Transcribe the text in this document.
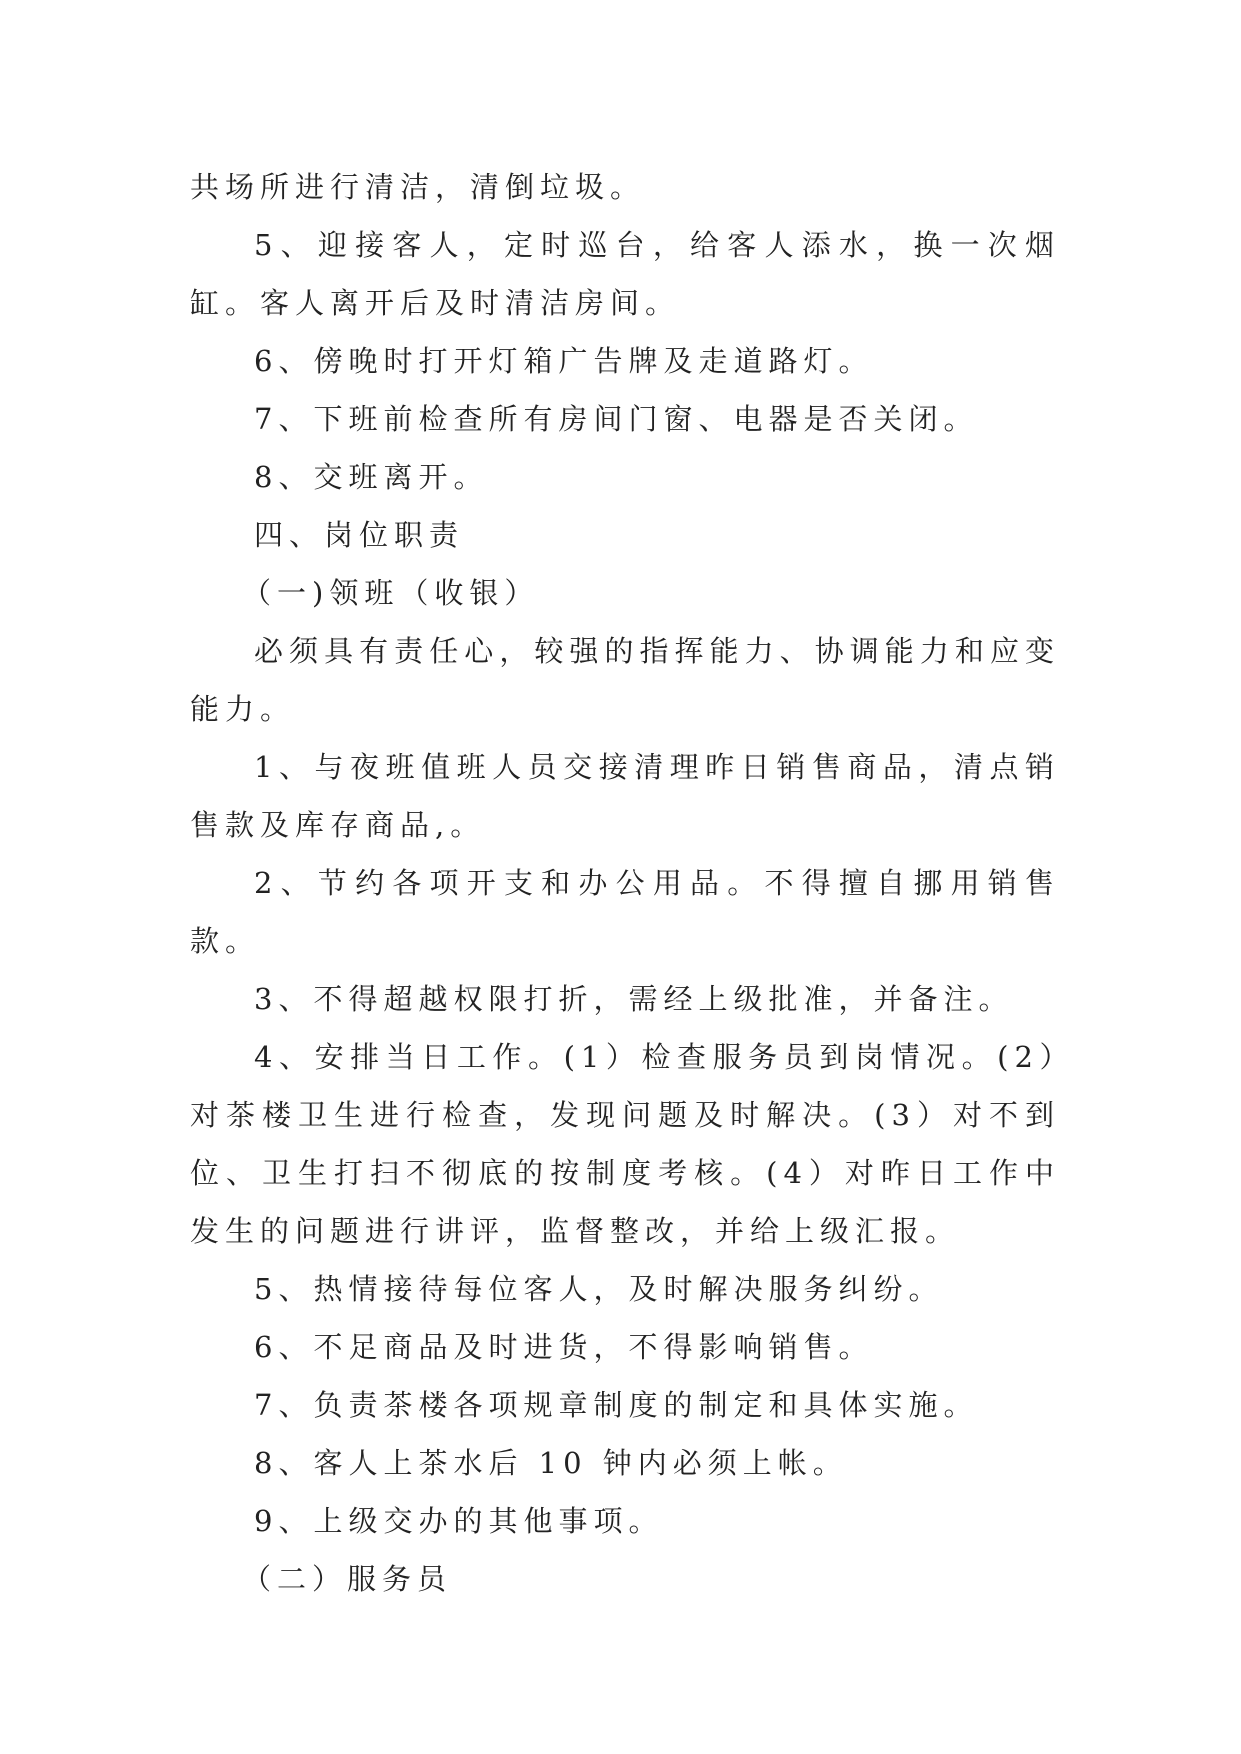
共场所进行清洁，清倒垃圾。

5、迎接客人，定时巡台，给客人添水，换一次烟缸。客人离开后及时清洁房间。

6、傍晚时打开灯箱广告牌及走道路灯。

7、下班前检查所有房间门窗、电器是否关闭。

8、交班离开。

四、岗位职责

（一)领班（收银）

必须具有责任心，较强的指挥能力、协调能力和应变能力。

1、与夜班值班人员交接清理昨日销售商品，清点销售款及库存商品,。

2、节约各项开支和办公用品。不得擅自挪用销售款。

3、不得超越权限打折，需经上级批准，并备注。

4、安排当日工作。(1）检查服务员到岗情况。(2）对茶楼卫生进行检查，发现问题及时解决。(3）对不到位、卫生打扫不彻底的按制度考核。(4）对昨日工作中发生的问题进行讲评，监督整改，并给上级汇报。

5、热情接待每位客人，及时解决服务纠纷。

6、不足商品及时进货，不得影响销售。

7、负责茶楼各项规章制度的制定和具体实施。

8、客人上茶水后 10 钟内必须上帐。

9、上级交办的其他事项。

（二）服务员
